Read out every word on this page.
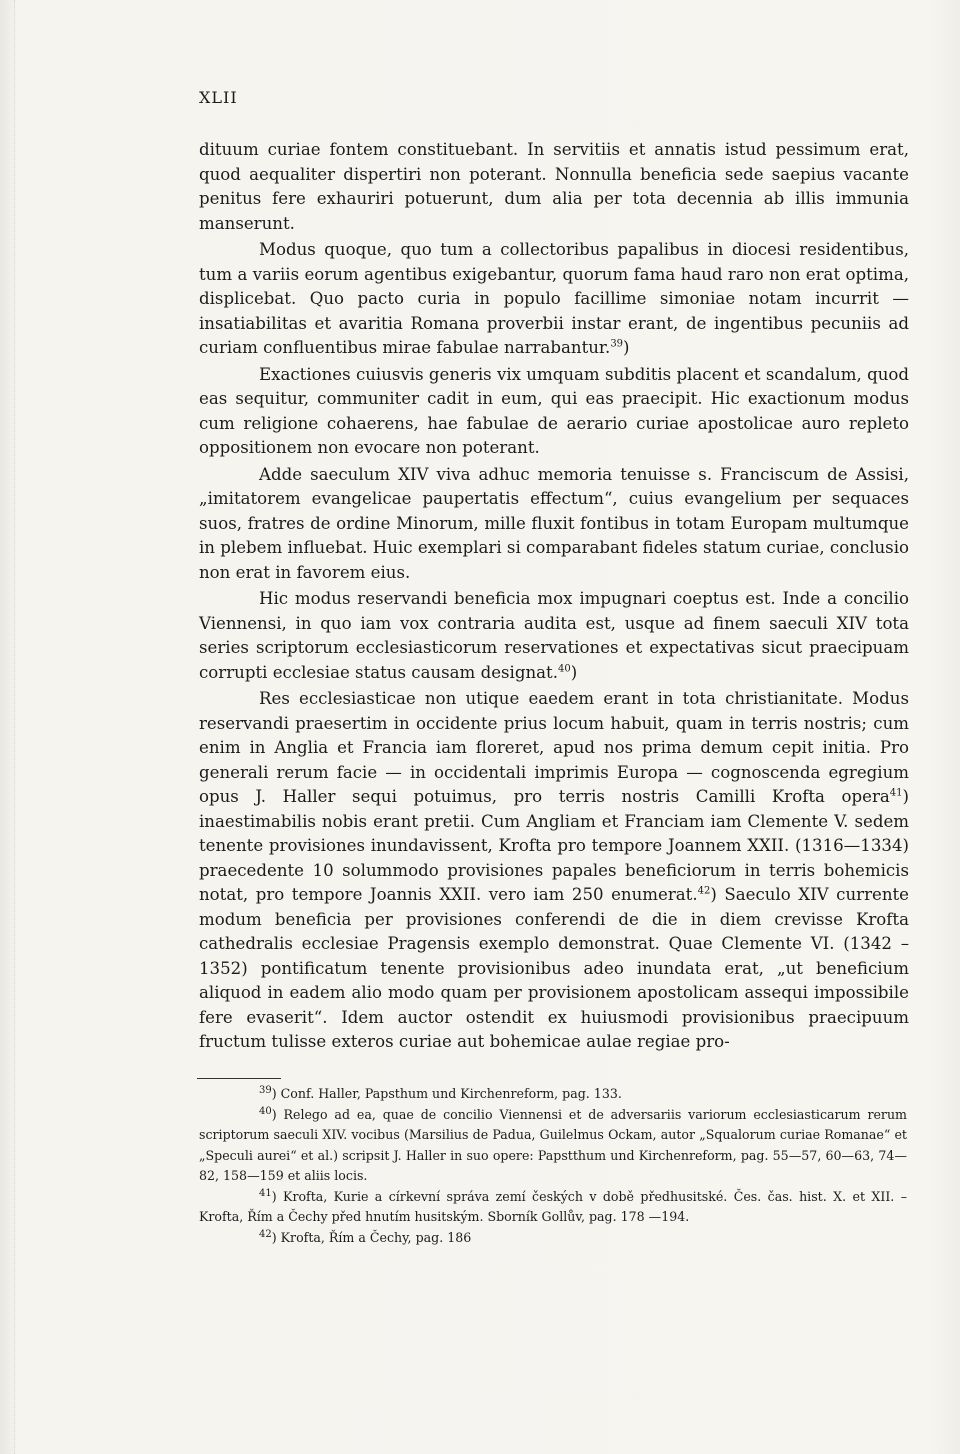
XLII

dituum curiae fontem constituebant. In servitiis et annatis istud pessimum erat, quod aequaliter dispertiri non poterant. Nonnulla beneficia sede saepius vacante penitus fere exhauriri potuerunt, dum alia per tota decennia ab illis immunia manserunt.

Modus quoque, quo tum a collectoribus papalibus in diocesi residentibus, tum a variis eorum agentibus exigebantur, quorum fama haud raro non erat optima, displicebat. Quo pacto curia in populo facillime simoniae notam incurrit — insatiabilitas et avaritia Romana proverbii instar erant, de ingentibus pecuniis ad curiam confluentibus mirae fabulae narrabantur.$^{39}$)

Exactiones cuiusvis generis vix umquam subditis placent et scandalum, quod eas sequitur, communiter cadit in eum, qui eas praecipit. Hic exactionum modus cum religione cohaerens, hae fabulae de aerario curiae apostolicae auro repleto oppositionem non evocare non poterant.

Adde saeculum XIV viva adhuc memoria tenuisse s. Franciscum de Assisi, „imitatorem evangelicae paupertatis effectum“, cuius evangelium per sequaces suos, fratres de ordine Minorum, mille fluxit fontibus in totam Europam multumque in plebem influebat. Huic exemplari si comparabant fideles statum curiae, conclusio non erat in favorem eius.

Hic modus reservandi beneficia mox impugnari coeptus est. Inde a concilio Viennensi, in quo iam vox contraria audita est, usque ad finem saeculi XIV tota series scriptorum ecclesiasticorum reservationes et expectativas sicut praecipuam corrupti ecclesiae status causam designat.$^{40}$)

Res ecclesiasticae non utique eaedem erant in tota christianitate. Modus reservandi praesertim in occidente prius locum habuit, quam in terris nostris; cum enim in Anglia et Francia iam floreret, apud nos prima demum cepit initia. Pro generali rerum facie — in occidentali imprimis Europa — cognoscenda egregium opus J. Haller sequi potuimus, pro terris nostris Camilli Krofta opera$^{41}$) inaestimabilis nobis erant pretii. Cum Angliam et Franciam iam Clemente V. sedem tenente provisiones inundavissent, Krofta pro tempore Joannem XXII. (1316—1334) praecedente 10 solummodo provisiones papales beneficiorum in terris bohemicis notat, pro tempore Joannis XXII. vero iam 250 enumerat.$^{42}$) Saeculo XIV currente modum beneficia per provisiones conferendi de die in diem crevisse Krofta cathedralis ecclesiae Pragensis exemplo demonstrat. Quae Clemente VI. (1342 – 1352) pontificatum tenente provisionibus adeo inundata erat, „ut beneficium aliquod in eadem alio modo quam per provisionem apostolicam assequi impossibile fere evaserit“. Idem auctor ostendit ex huiusmodi provisionibus praecipuum fructum tulisse exteros curiae aut bohemicae aulae regiae pro-

$^{39}$) Conf. Haller, Papsthum und Kirchenreform, pag. 133.

$^{40}$) Relego ad ea, quae de concilio Viennensi et de adversariis variorum ecclesiasticarum rerum scriptorum saeculi XIV. vocibus (Marsilius de Padua, Guilelmus Ockam, autor „Squalorum curiae Romanae“ et „Speculi aurei“ et al.) scripsit J. Haller in suo opere: Papstthum und Kirchenreform, pag. 55—57, 60—63, 74—82, 158—159 et aliis locis.

$^{41}$) Krofta, Kurie a církevní správa zemí českých v době předhusitské. Čes. čas. hist. X. et XII. – Krofta, Řím a Čechy před hnutím husitským. Sborník Gollův, pag. 178 —194.

$^{42}$) Krofta, Řím a Čechy, pag. 186
